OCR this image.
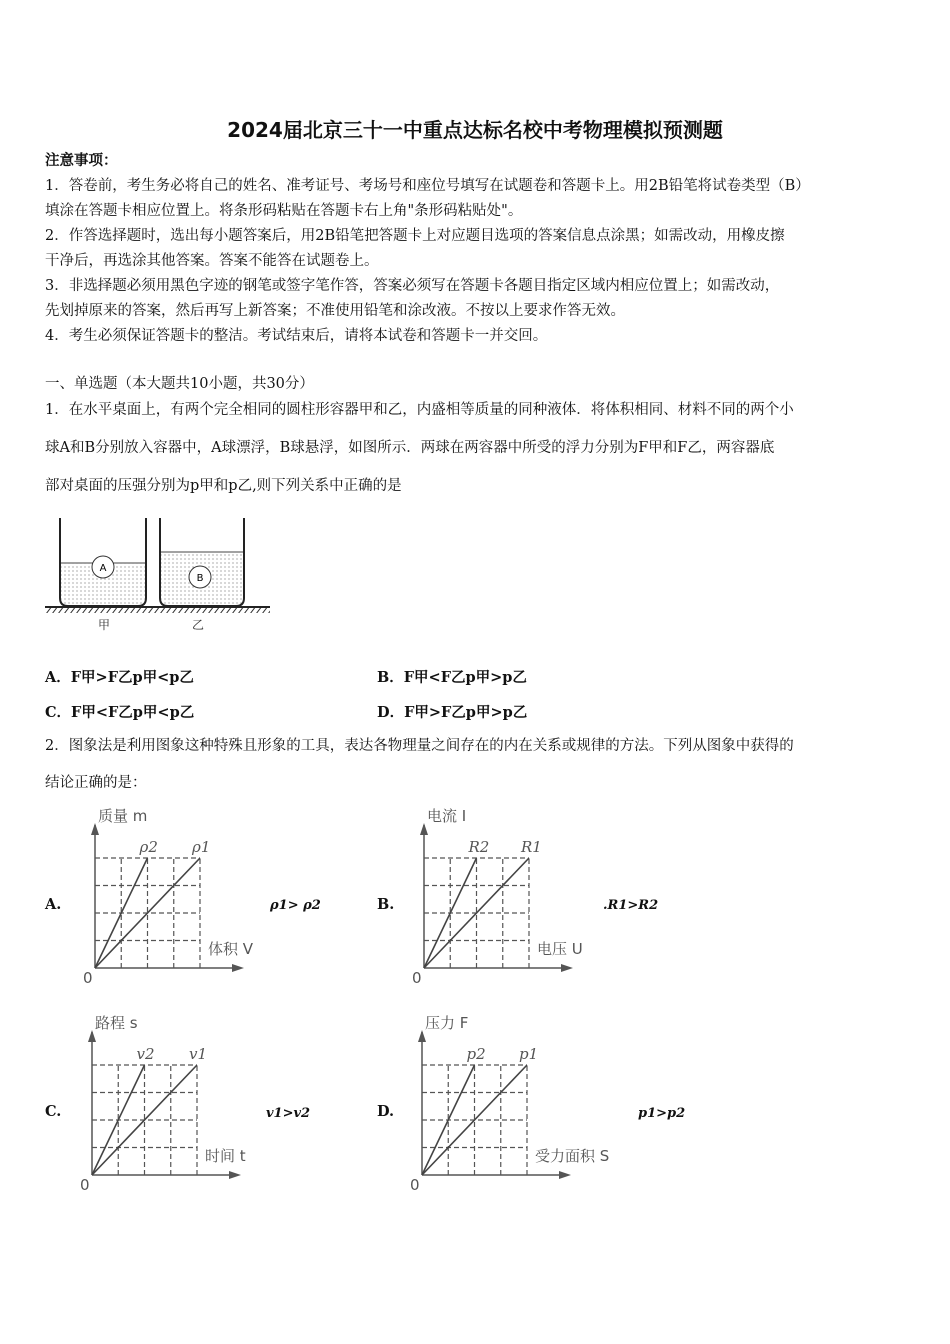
2024届北京三十一中重点达标名校中考物理模拟预测题
注意事项：
1．答卷前，考生务必将自己的姓名、准考证号、考场号和座位号填写在试题卷和答题卡上。用2B铅笔将试卷类型（B）
填涂在答题卡相应位置上。将条形码粘贴在答题卡右上角"条形码粘贴处"。
2．作答选择题时，选出每小题答案后，用2B铅笔把答题卡上对应题目选项的答案信息点涂黑；如需改动，用橡皮擦
干净后，再选涂其他答案。答案不能答在试题卷上。
3．非选择题必须用黑色字迹的钢笔或签字笔作答，答案必须写在答题卡各题目指定区域内相应位置上；如需改动，
先划掉原来的答案，然后再写上新答案；不准使用铅笔和涂改液。不按以上要求作答无效。
4．考生必须保证答题卡的整洁。考试结束后，请将本试卷和答题卡一并交回。
一、单选题（本大题共10小题，共30分）
1．在水平桌面上，有两个完全相同的圆柱形容器甲和乙，内盛相等质量的同种液体．将体积相同、材料不同的两个小
球A和B分别放入容器中，A球漂浮，B球悬浮，如图所示．两球在两容器中所受的浮力分别为F甲和F乙，两容器底
部对桌面的压强分别为p甲和p乙,则下列关系中正确的是
A
B
甲	乙
A．F甲>F乙p甲<p乙	B．F甲<F乙p甲>p乙
C．F甲<F乙p甲<p乙	D．F甲>F乙p甲>p乙
2．图象法是利用图象这种特殊且形象的工具，表达各物理量之间存在的内在关系或规律的方法。下列从图象中获得的
结论正确的是：
A.	B.
C.	D.
ρ1> ρ2	.R1>R2
v1>v2	p1>p2
质量 m
体积 V
0
ρ2 ρ1
电流 I
电压 U
0
R2 R1
路程 s
时间 t
0
v2 v1
压力 F
受力面积 S
0
p2 p1
